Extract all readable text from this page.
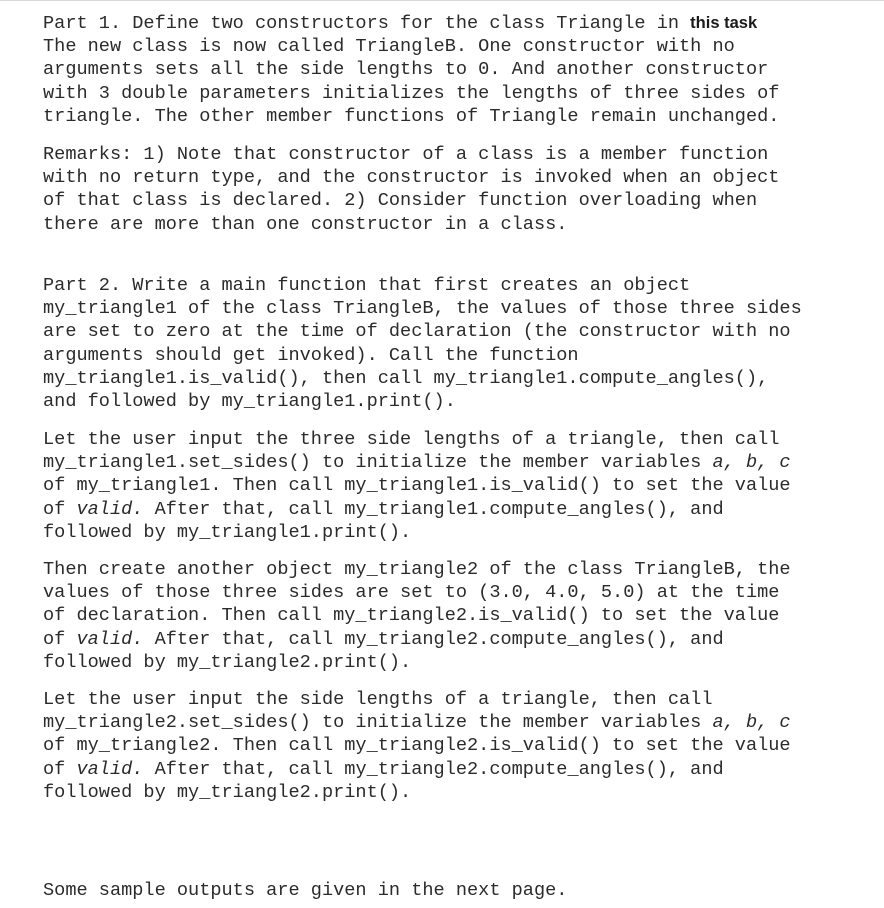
Part 1. Define two constructors for the class Triangle in this task
The new class is now called TriangleB. One constructor with no
arguments sets all the side lengths to 0. And another constructor
with 3 double parameters initializes the lengths of three sides of
triangle. The other member functions of Triangle remain unchanged.
Remarks: 1) Note that constructor of a class is a member function
with no return type, and the constructor is invoked when an object
of that class is declared. 2) Consider function overloading when
there are more than one constructor in a class.
Part 2. Write a main function that first creates an object
my_triangle1 of the class TriangleB, the values of those three sides
are set to zero at the time of declaration (the constructor with no
arguments should get invoked). Call the function
my_triangle1.is_valid(), then call my_triangle1.compute_angles(),
and followed by my_triangle1.print().
Let the user input the three side lengths of a triangle, then call
my_triangle1.set_sides() to initialize the member variables a, b, c
of my_triangle1. Then call my_triangle1.is_valid() to set the value
of valid. After that, call my_triangle1.compute_angles(), and
followed by my_triangle1.print().
Then create another object my_triangle2 of the class TriangleB, the
values of those three sides are set to (3.0, 4.0, 5.0) at the time
of declaration. Then call my_triangle2.is_valid() to set the value
of valid. After that, call my_triangle2.compute_angles(), and
followed by my_triangle2.print().
Let the user input the side lengths of a triangle, then call
my_triangle2.set_sides() to initialize the member variables a, b, c
of my_triangle2. Then call my_triangle2.is_valid() to set the value
of valid. After that, call my_triangle2.compute_angles(), and
followed by my_triangle2.print().
Some sample outputs are given in the next page.
